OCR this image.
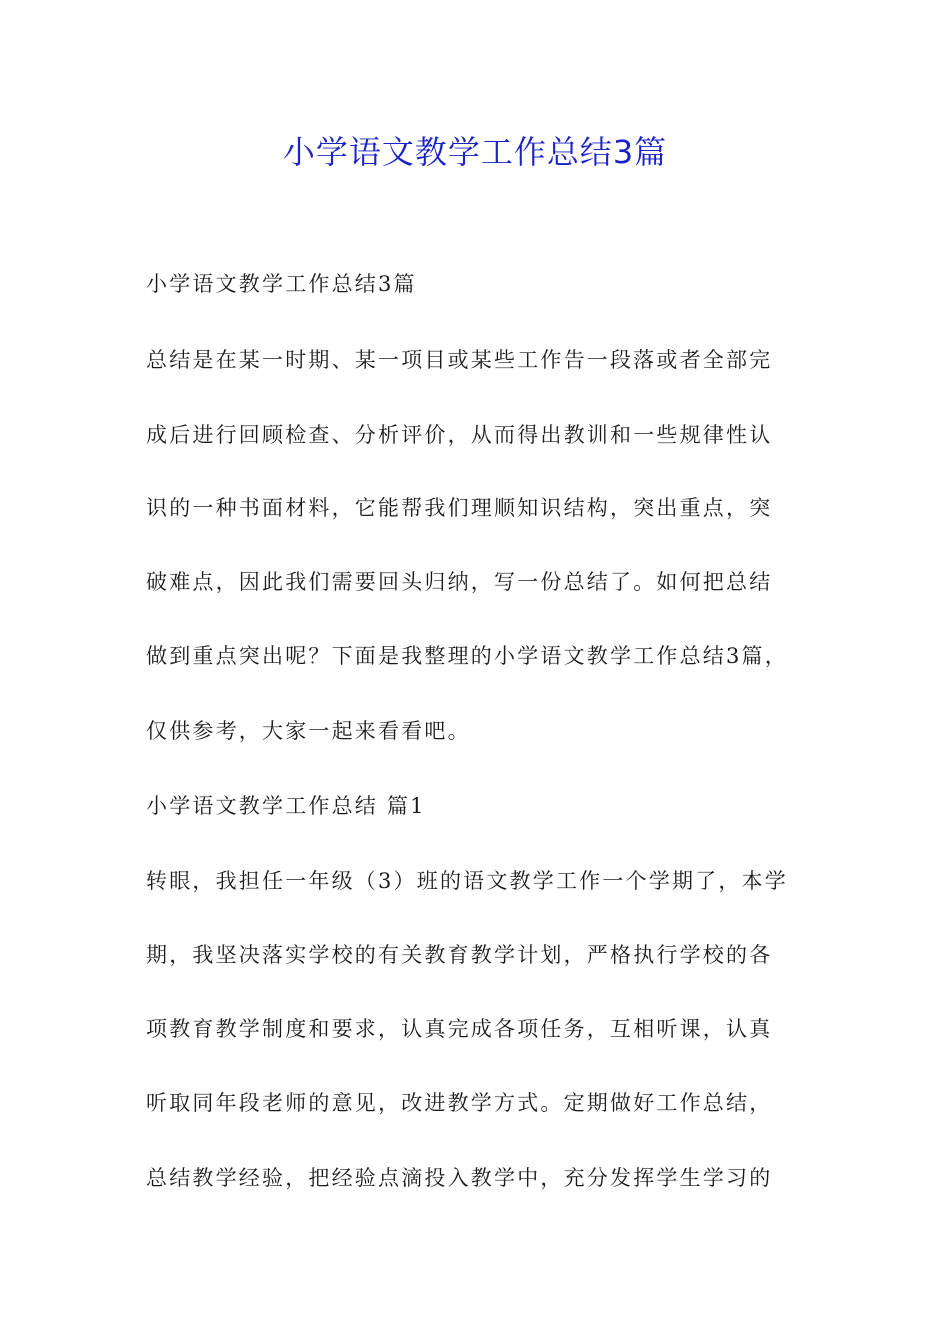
小学语文教学工作总结3篇
小学语文教学工作总结3篇
总结是在某一时期、某一项目或某些工作告一段落或者全部完
成后进行回顾检查、分析评价，从而得出教训和一些规律性认
识的一种书面材料，它能帮我们理顺知识结构，突出重点，突
破难点，因此我们需要回头归纳，写一份总结了。如何把总结
做到重点突出呢？下面是我整理的小学语文教学工作总结3篇，
仅供参考，大家一起来看看吧。
小学语文教学工作总结 篇1
转眼，我担任一年级（3）班的语文教学工作一个学期了，本学
期，我坚决落实学校的有关教育教学计划，严格执行学校的各
项教育教学制度和要求，认真完成各项任务，互相听课，认真
听取同年段老师的意见，改进教学方式。定期做好工作总结，
总结教学经验，把经验点滴投入教学中，充分发挥学生学习的
